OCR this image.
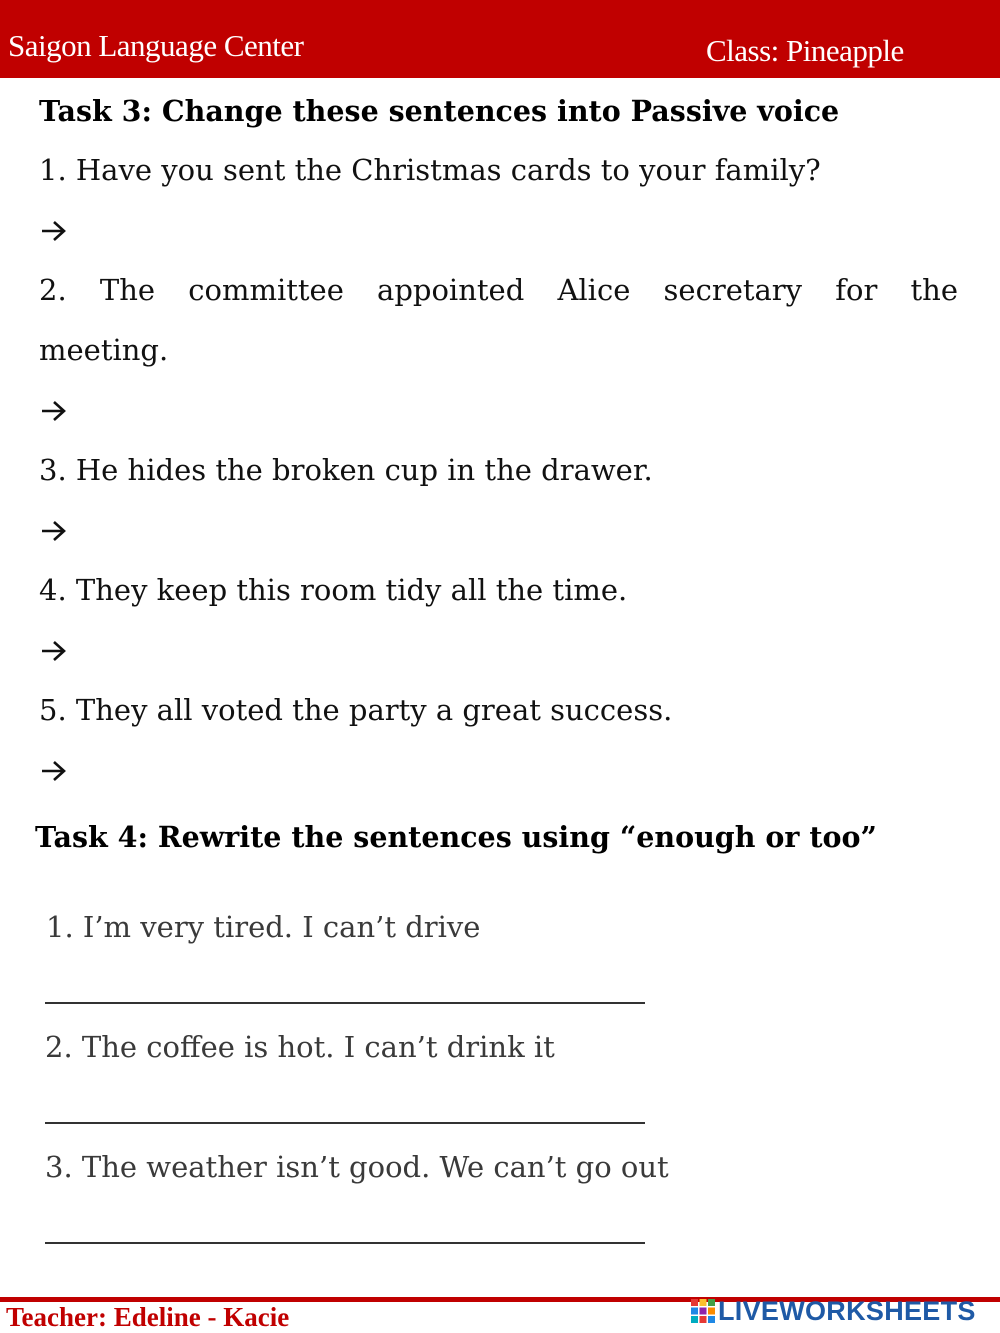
Saigon Language Center	Class: Pineapple
Task 3: Change these sentences into Passive voice
1. Have you sent the Christmas cards to your family?
2. The committee appointed Alice secretary for the
meeting.
3. He hides the broken cup in the drawer.
4. They keep this room tidy all the time.
5. They all voted the party a great success.
Task 4: Rewrite the sentences using “enough or too”
1. I’m very tired. I can’t drive
2. The coffee is hot. I can’t drink it
3. The weather isn’t good. We can’t go out
Teacher: Edeline - Kacie	LIVEWORKSHEETS
